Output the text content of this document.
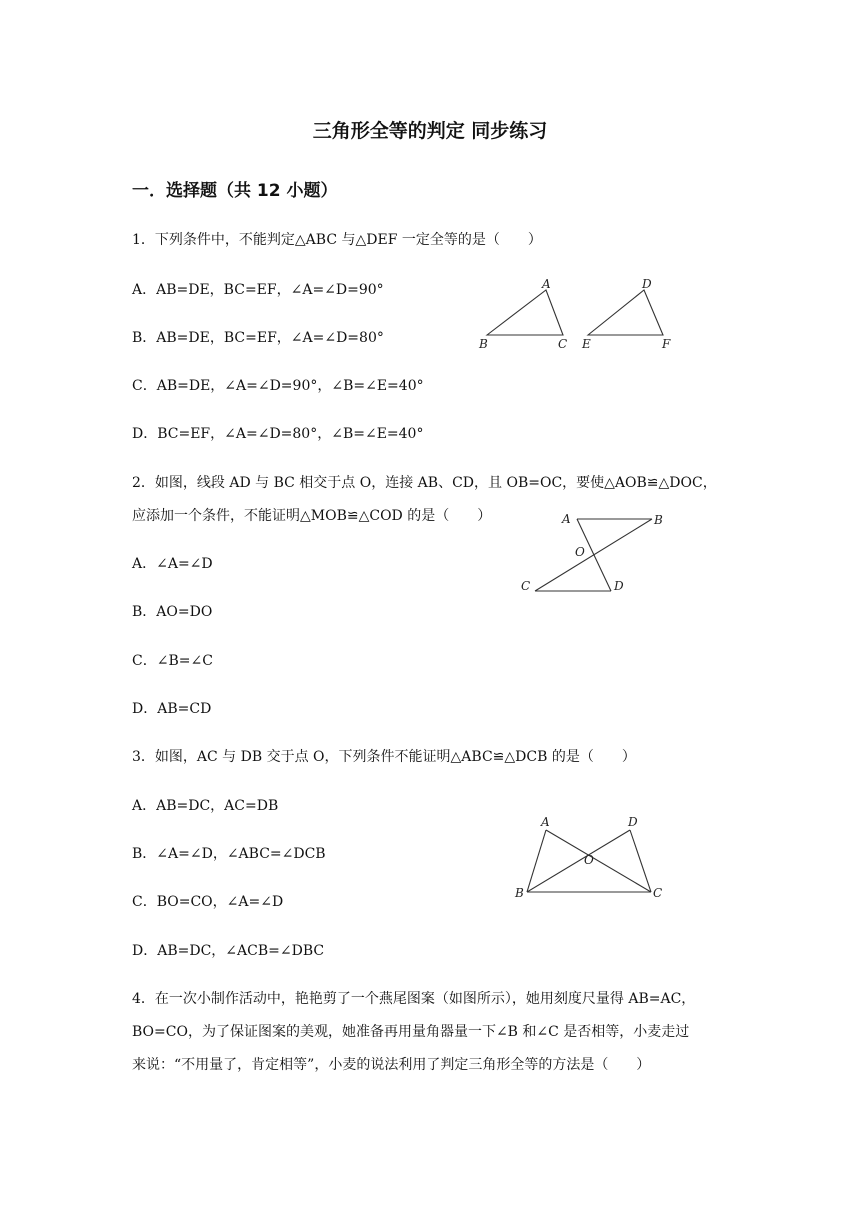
三角形全等的判定 同步练习
一．选择题（共 12 小题）
1．下列条件中，不能判定△ABC 与△DEF 一定全等的是（　　）
A．AB=DE，BC=EF，∠A=∠D=90°
B．AB=DE，BC=EF，∠A=∠D=80°
C．AB=DE，∠A=∠D=90°，∠B=∠E=40°
D．BC=EF，∠A=∠D=80°，∠B=∠E=40°
A
B	C
D
E	F
2．如图，线段 AD 与 BC 相交于点 O，连接 AB、CD，且 OB=OC，要使△AOB≌△DOC，
应添加一个条件，不能证明△MOB≌△COD 的是（　　）
A．∠A=∠D
B．AO=DO
C．∠B=∠C
D．AB=CD
A	B
O
C	D
3．如图，AC 与 DB 交于点 O，下列条件不能证明△ABC≌△DCB 的是（　　）
A．AB=DC，AC=DB
B．∠A=∠D，∠ABC=∠DCB
C．BO=CO，∠A=∠D
D．AB=DC，∠ACB=∠DBC
A	D
O
B	C
4．在一次小制作活动中，艳艳剪了一个燕尾图案（如图所示），她用刻度尺量得 AB=AC，
BO=CO，为了保证图案的美观，她准备再用量角器量一下∠B 和∠C 是否相等，小麦走过
来说：“不用量了，肯定相等”，小麦的说法利用了判定三角形全等的方法是（　　）
